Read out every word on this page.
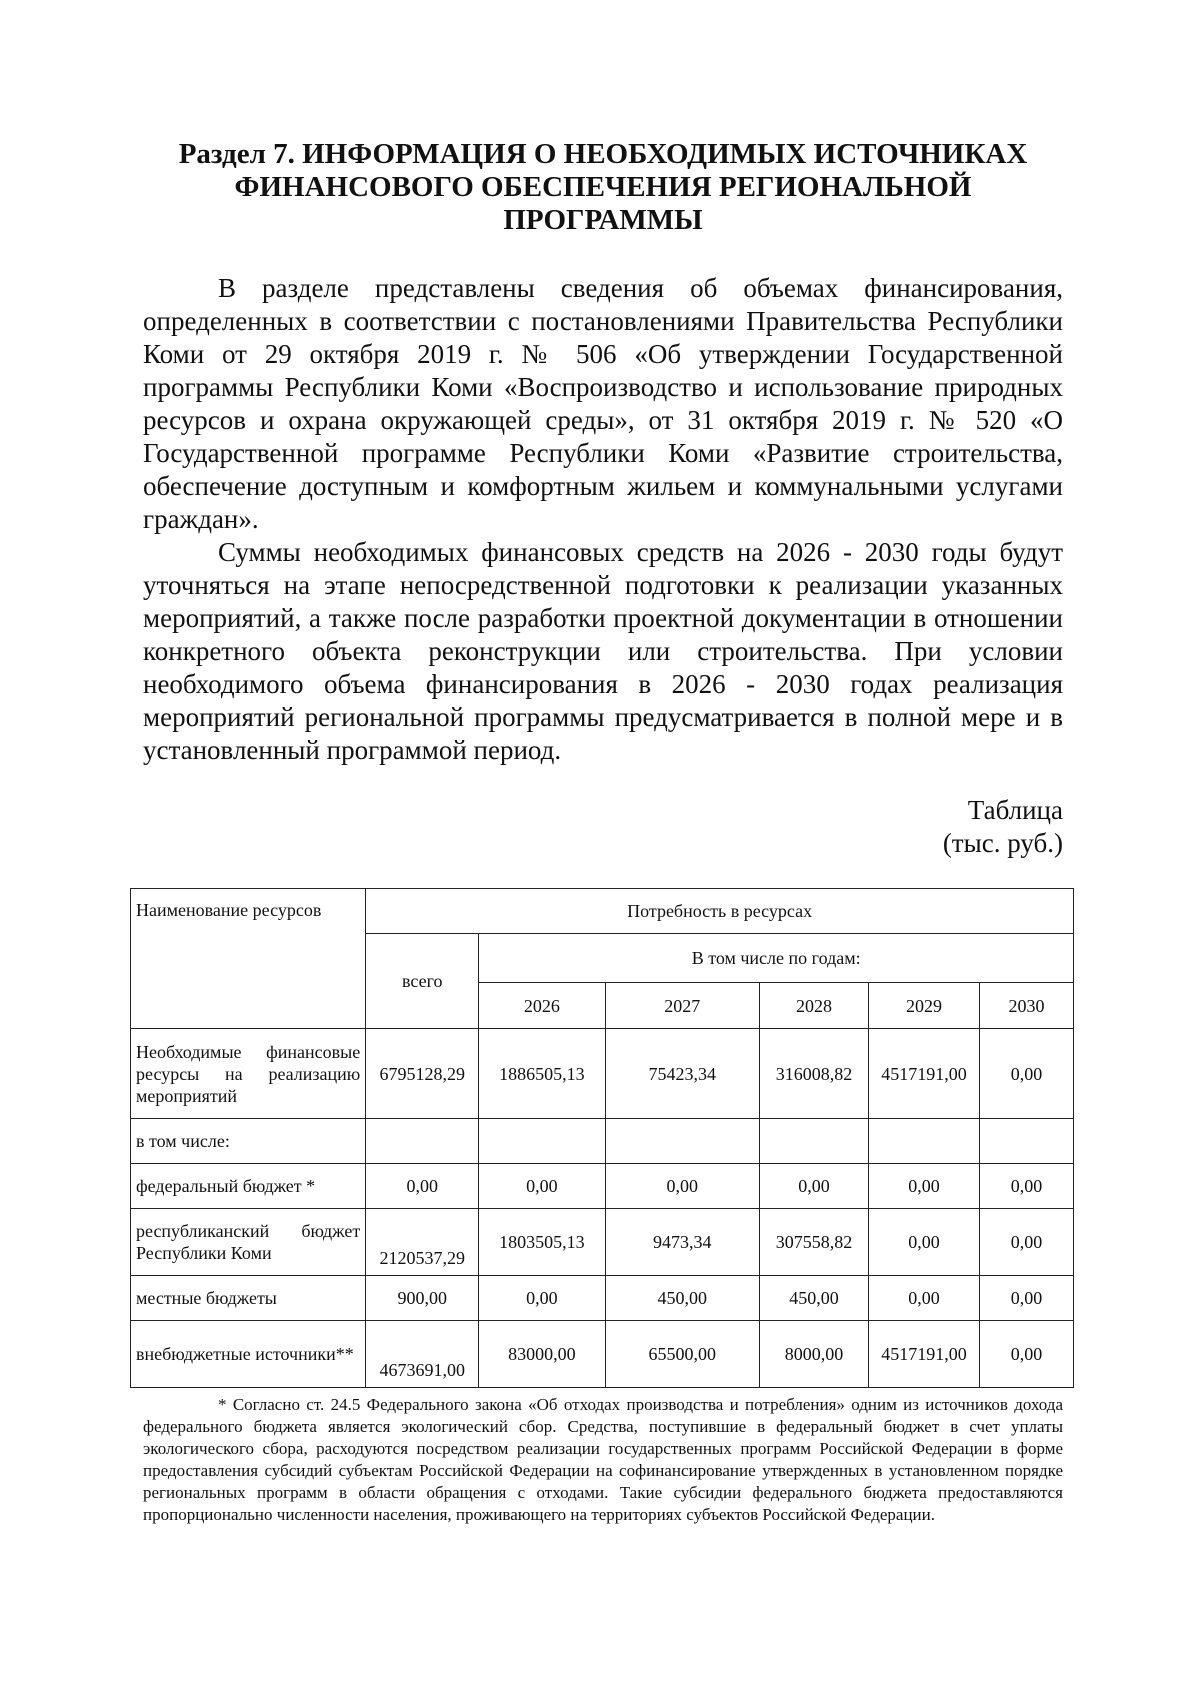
Раздел 7. ИНФОРМАЦИЯ О НЕОБХОДИМЫХ ИСТОЧНИКАХ
ФИНАНСОВОГО ОБЕСПЕЧЕНИЯ РЕГИОНАЛЬНОЙ
ПРОГРАММЫ

В разделе представлены сведения об объемах финансирования, определенных в соответствии с постановлениями Правительства Республики Коми от 29 октября 2019 г. № 506 «Об утверждении Государственной программы Республики Коми «Воспроизводство и использование природных ресурсов и охрана окружающей среды», от 31 октября 2019 г. № 520 «О Государственной программе Республики Коми «Развитие строительства, обеспечение доступным и комфортным жильем и коммунальными услугами граждан».

Суммы необходимых финансовых средств на 2026 - 2030 годы будут уточняться на этапе непосредственной подготовки к реализации указанных мероприятий, а также после разработки проектной документации в отношении конкретного объекта реконструкции или строительства. При условии необходимого объема финансирования в 2026 - 2030 годах реализация мероприятий региональной программы предусматривается в полной мере и в установленный программой период.

Таблица
(тыс. руб.)
Наименование ресурсов	Потребность в ресурсах					
	всего	В том числе по годам:				
		2026	2027	2028	2029	2030
Необходимые финансовые ресурсы на реализацию мероприятий	6795128,29	1886505,13	75423,34	316008,82	4517191,00	0,00
в том числе:						
федеральный бюджет *	0,00	0,00	0,00	0,00	0,00	0,00
республиканский бюджет Республики Коми	2120537,29	1803505,13	9473,34	307558,82	0,00	0,00
местные бюджеты	900,00	0,00	450,00	450,00	0,00	0,00
внебюджетные источники**	4673691,00	83000,00	65500,00	8000,00	4517191,00	0,00

* Согласно ст. 24.5 Федерального закона «Об отходах производства и потребления» одним из источников дохода федерального бюджета является экологический сбор. Средства, поступившие в федеральный бюджет в счет уплаты экологического сбора, расходуются посредством реализации государственных программ Российской Федерации в форме предоставления субсидий субъектам Российской Федерации на софинансирование утвержденных в установленном порядке региональных программ в области обращения с отходами. Такие субсидии федерального бюджета предоставляются пропорционально численности населения, проживающего на территориях субъектов Российской Федерации.
